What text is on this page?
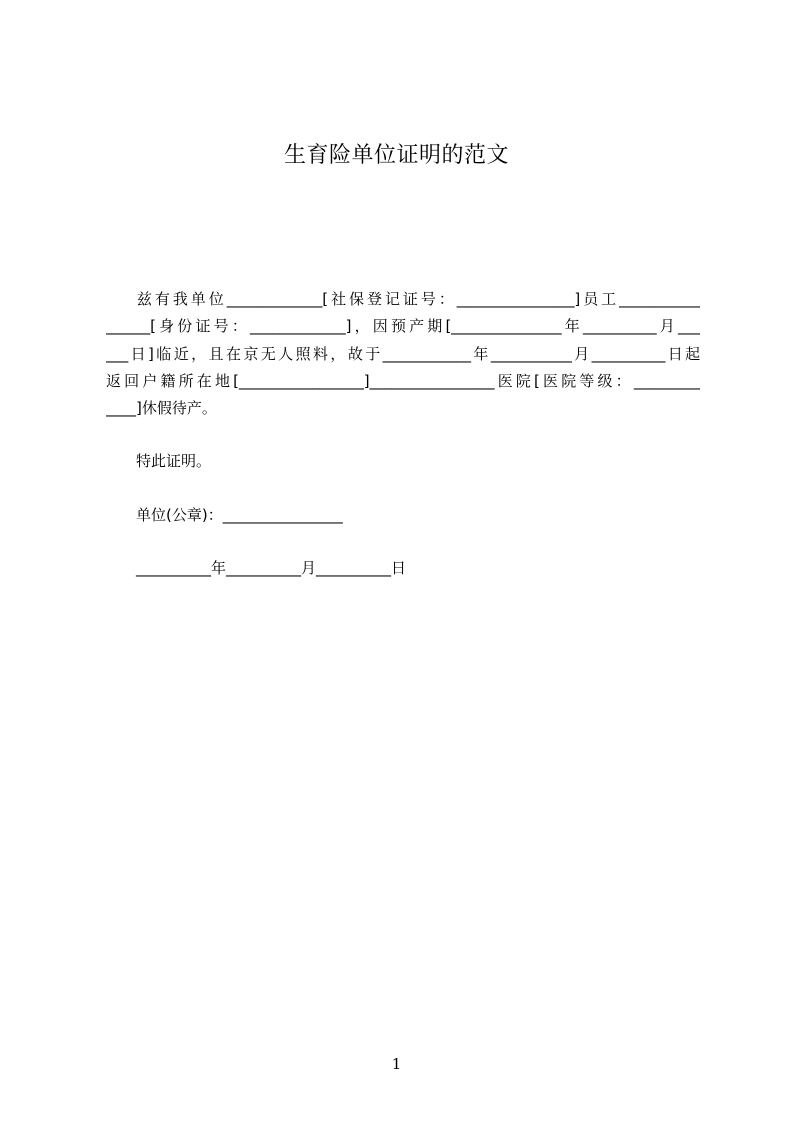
生育险单位证明的范文
兹有我单位_____________[社保登记证号：________________]员工___________
______[身份证号：_____________]，因预产期[_______________年__________月___
___日]临近，且在京无人照料，故于____________年___________月__________日起
返回户籍所在地[_________________]_________________医院[医院等级：_________
____]休假待产。
特此证明。
单位(公章)：________________
__________年__________月__________日
1
